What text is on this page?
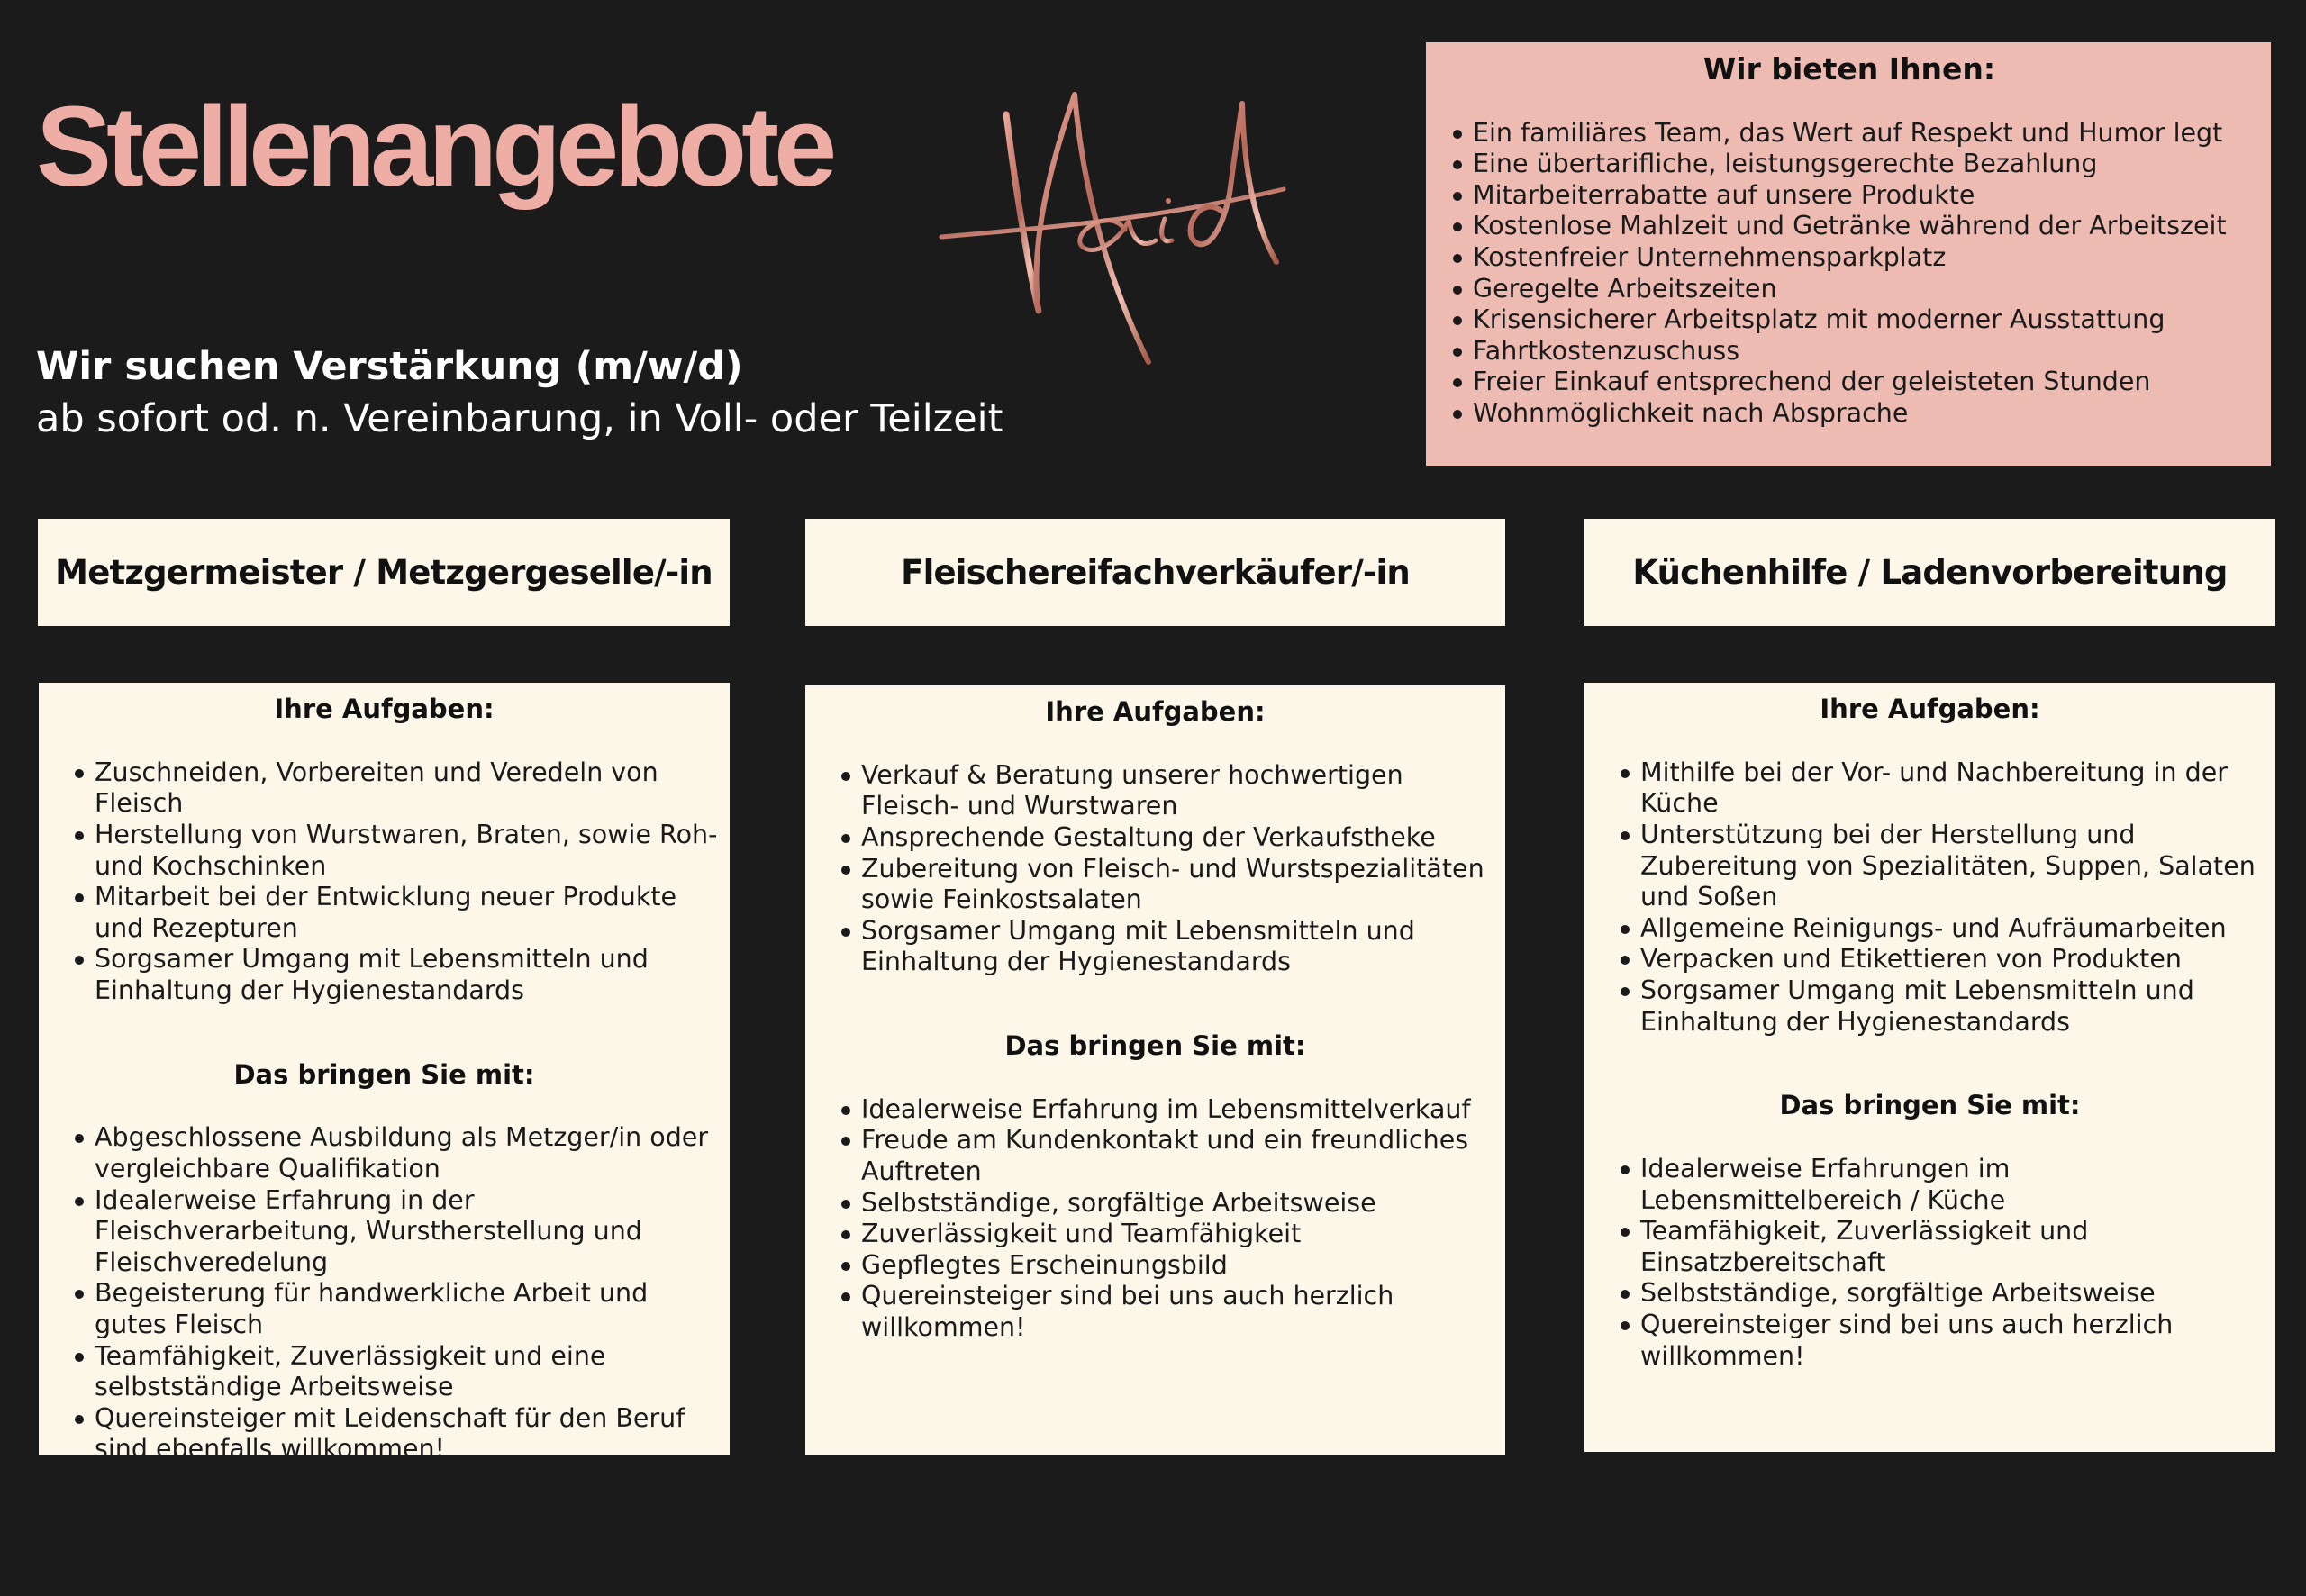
Stellenangebote

Wir suchen Verstärkung (m/w/d)

ab sofort od. n. Vereinbarung, in Voll- oder Teilzeit

Wir bieten Ihnen:
Ein familiäres Team, das Wert auf Respekt und Humor legt
Eine übertarifliche, leistungsgerechte Bezahlung
Mitarbeiterrabatte auf unsere Produkte
Kostenlose Mahlzeit und Getränke während der Arbeitszeit
Kostenfreier Unternehmensparkplatz
Geregelte Arbeitszeiten
Krisensicherer Arbeitsplatz mit moderner Ausstattung
Fahrtkostenzuschuss
Freier Einkauf entsprechend der geleisteten Stunden
Wohnmöglichkeit nach Absprache
Metzgermeister / Metzgergeselle/-in
Ihre Aufgaben:
Zuschneiden, Vorbereiten und Veredeln von Fleisch
Herstellung von Wurstwaren, Braten, sowie Roh- und Kochschinken
Mitarbeit bei der Entwicklung neuer Produkte und Rezepturen
Sorgsamer Umgang mit Lebensmitteln und Einhaltung der Hygienestandards
Das bringen Sie mit:
Abgeschlossene Ausbildung als Metzger/in oder vergleichbare Qualifikation
Idealerweise Erfahrung in der Fleischverarbeitung, Wurstherstellung und Fleischveredelung
Begeisterung für handwerkliche Arbeit und gutes Fleisch
Teamfähigkeit, Zuverlässigkeit und eine selbstständige Arbeitsweise
Quereinsteiger mit Leidenschaft für den Beruf sind ebenfalls willkommen!
Fleischereifachverkäufer/-in
Ihre Aufgaben:
Verkauf & Beratung unserer hochwertigen Fleisch- und Wurstwaren
Ansprechende Gestaltung der Verkaufstheke
Zubereitung von Fleisch- und Wurstspezialitäten sowie Feinkostsalaten
Sorgsamer Umgang mit Lebensmitteln und Einhaltung der Hygienestandards
Das bringen Sie mit:
Idealerweise Erfahrung im Lebensmittelverkauf
Freude am Kundenkontakt und ein freundliches Auftreten
Selbstständige, sorgfältige Arbeitsweise
Zuverlässigkeit und Teamfähigkeit
Gepflegtes Erscheinungsbild
Quereinsteiger sind bei uns auch herzlich willkommen!
Küchenhilfe / Ladenvorbereitung
Ihre Aufgaben:
Mithilfe bei der Vor- und Nachbereitung in der Küche
Unterstützung bei der Herstellung und Zubereitung von Spezialitäten, Suppen, Salaten und Soßen
Allgemeine Reinigungs- und Aufräumarbeiten
Verpacken und Etikettieren von Produkten
Sorgsamer Umgang mit Lebensmitteln und Einhaltung der Hygienestandards
Das bringen Sie mit:
Idealerweise Erfahrungen im Lebensmittelbereich / Küche
Teamfähigkeit, Zuverlässigkeit und Einsatzbereitschaft
Selbstständige, sorgfältige Arbeitsweise
Quereinsteiger sind bei uns auch herzlich willkommen!
